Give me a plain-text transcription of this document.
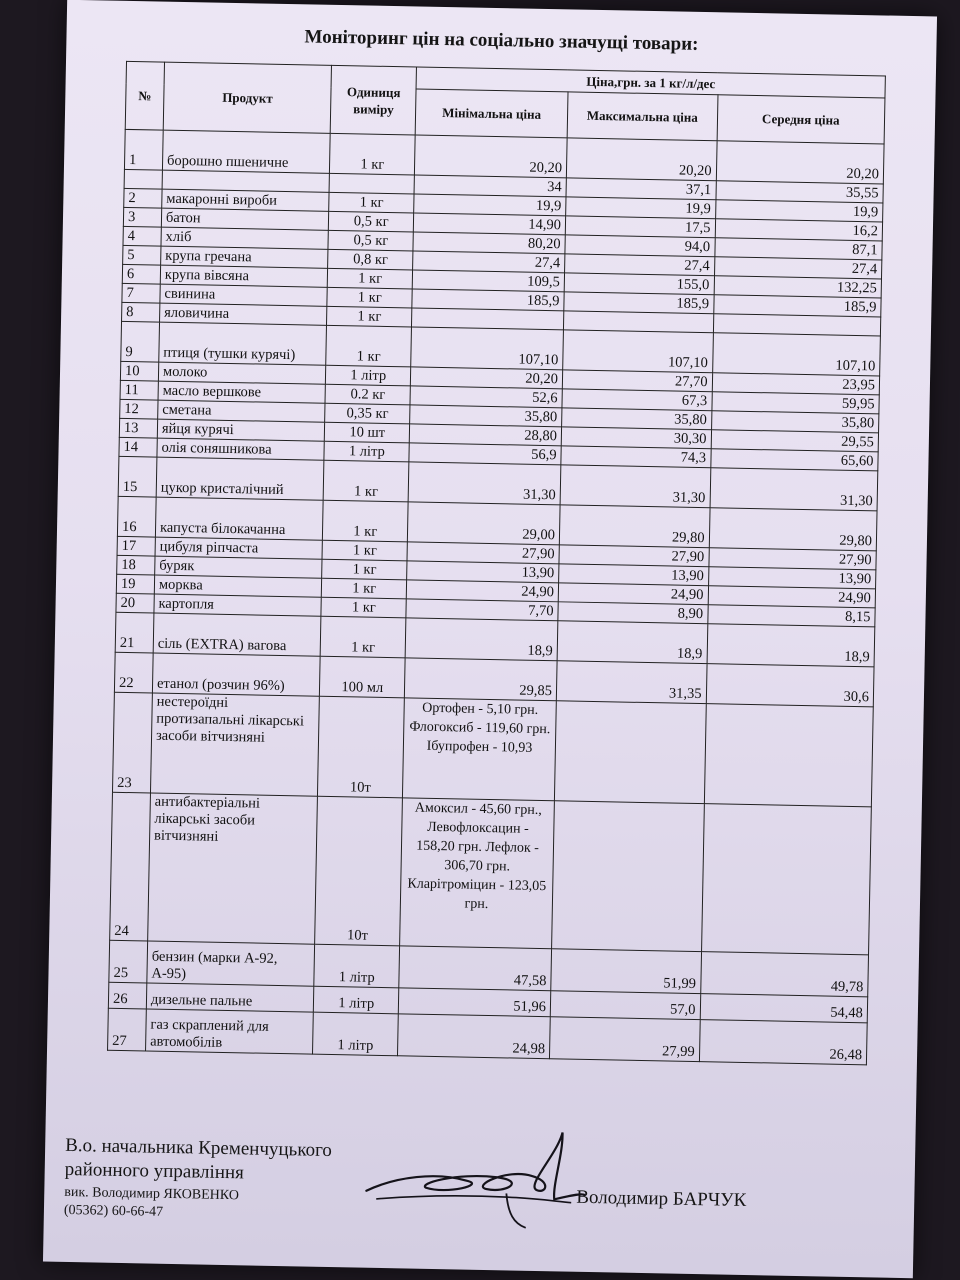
Моніторинг цін на соціально значущі товари:
№	Продукт	Одиниця виміру	Ціна,грн. за 1 кг/л/дес		
			Мінімальна ціна	Максимальна ціна	Середня ціна
1	борошно пшеничне	1 кг	20,20	20,20	20,20
			34	37,1	35,55
2	макаронні вироби	1 кг	19,9	19,9	19,9
3	батон	0,5 кг	14,90	17,5	16,2
4	хліб	0,5 кг	80,20	94,0	87,1
5	крупа гречана	0,8 кг	27,4	27,4	27,4
6	крупа вівсяна	1 кг	109,5	155,0	132,25
7	свинина	1 кг	185,9	185,9	185,9
8	яловичина	1 кг			
9	птиця (тушки курячі)	1 кг	107,10	107,10	107,10
10	молоко	1 літр	20,20	27,70	23,95
11	масло вершкове	0.2 кг	52,6	67,3	59,95
12	сметана	0,35 кг	35,80	35,80	35,80
13	яйця курячі	10 шт	28,80	30,30	29,55
14	олія соняшникова	1 літр	56,9	74,3	65,60
15	цукор кристалічний	1 кг	31,30	31,30	31,30
16	капуста білокачанна	1 кг	29,00	29,80	29,80
17	цибуля ріпчаста	1 кг	27,90	27,90	27,90
18	буряк	1 кг	13,90	13,90	13,90
19	морква	1 кг	24,90	24,90	24,90
20	картопля	1 кг	7,70	8,90	8,15
21	сіль (EXTRA) вагова	1 кг	18,9	18,9	18,9
22	етанол (розчин 96%)	100 мл	29,85	31,35	30,6
23	нестероїдні протизапальні лікарські засоби вітчизняні	10т	Ортофен - 5,10 грн. Флогоксиб - 119,60 грн. Ібупрофен - 10,93		
24	антибактеріальні лікарські засоби вітчизняні	10т	Амоксил - 45,60 грн., Левофлоксацин - 158,20 грн. Лефлок - 306,70 грн. Кларітроміцин - 123,05 грн.		
25	бензин (марки А-92, А-95)	1 літр	47,58	51,99	49,78
26	дизельне пальне	1 літр	51,96	57,0	54,48
27	газ скраплений для автомобілів	1 літр	24,98	27,99	26,48
В.о. начальника Кременчуцького
районного управління
вик. Володимир ЯКОВЕНКО
(05362) 60-66-47
Володимир БАРЧУК
